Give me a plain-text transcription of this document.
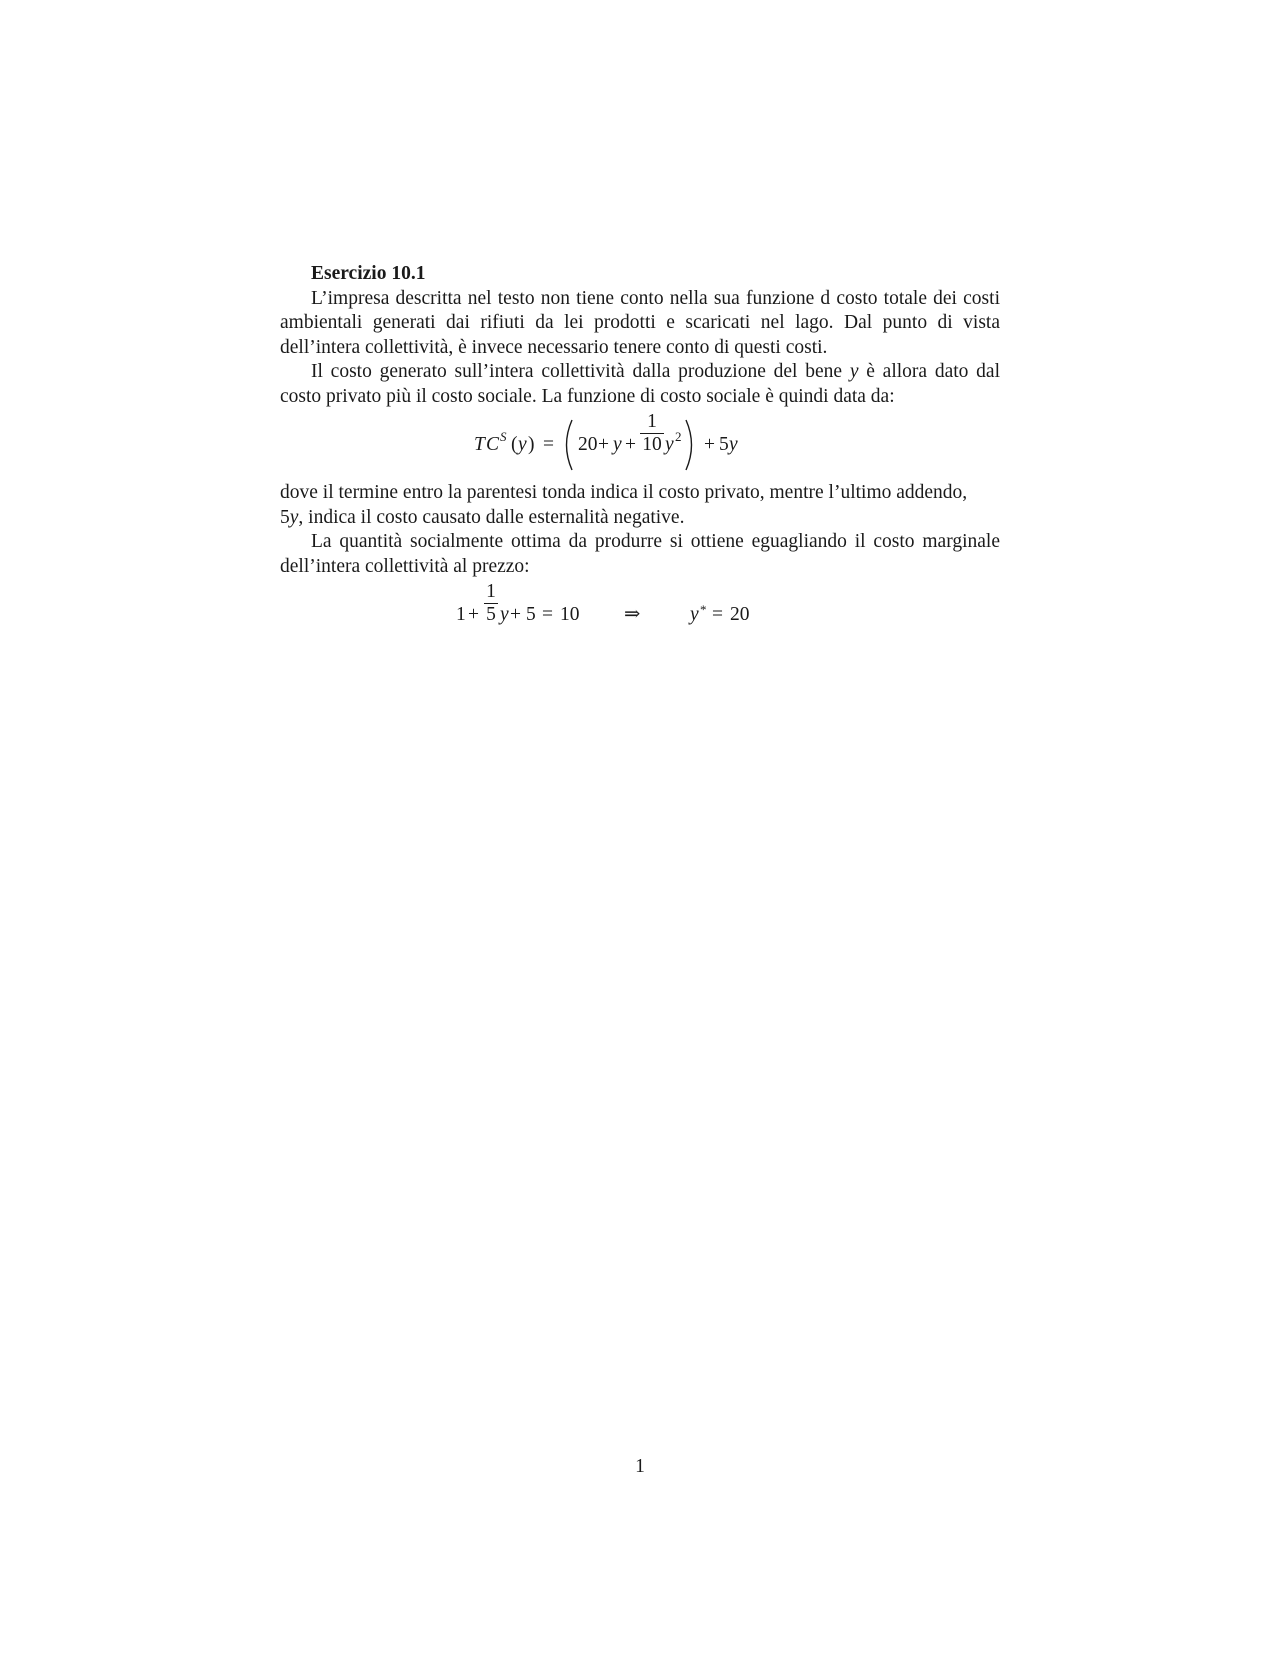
Esercizio 10.1

L’impresa descritta nel testo non tiene conto nella sua funzione d costo totale dei costi ambientali generati dai rifiuti da lei prodotti e scaricati nel lago. Dal punto di vista dell’intera collettività, è invece necessario tenere conto di questi costi.

Il costo generato sull’intera collettività dalla produzione del bene y è allora dato dal costo privato più il costo sociale. La funzione di costo sociale è quindi data da:

T C S ( y ) = 20 + y +
1
10 y 2 + 5 y

dove il termine entro la parentesi tonda indica il costo privato, mentre l’ultimo addendo,

5y, indica il costo causato dalle esternalità negative.

La quantità socialmente ottima da produrre si ottiene eguagliando il costo marginale dell’intera collettività al prezzo:

1 +
1
5 y + 5 = 10 ⇒	y * = 20
1
